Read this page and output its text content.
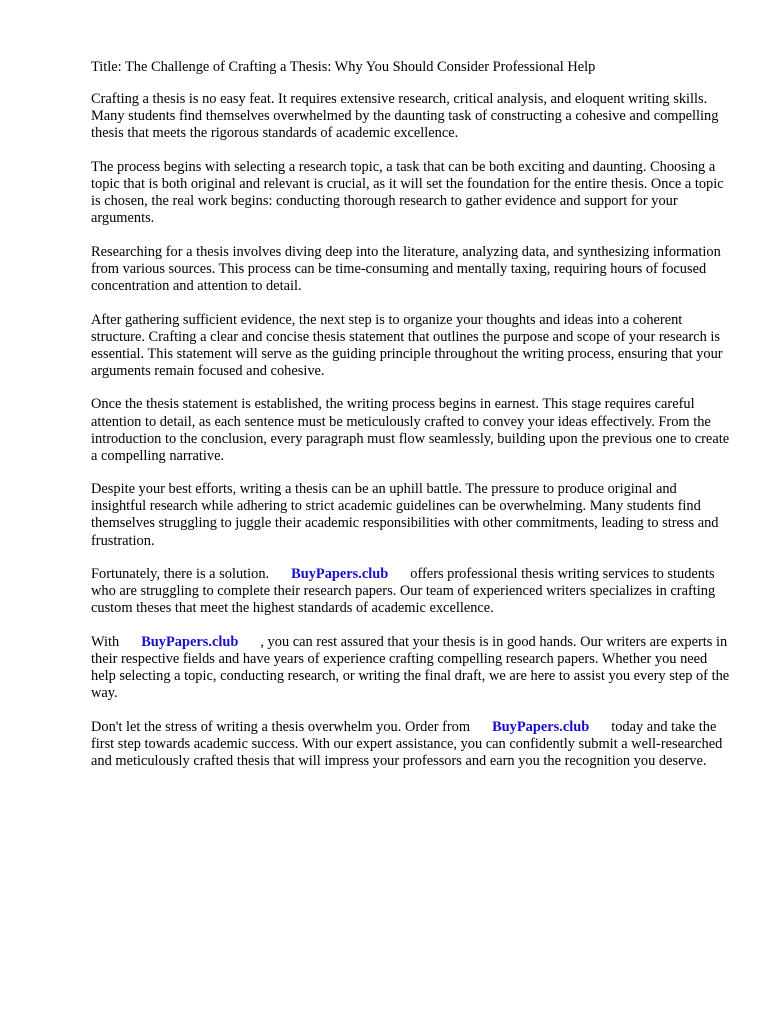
Title: The Challenge of Crafting a Thesis: Why You Should Consider Professional Help

Crafting a thesis is no easy feat. It requires extensive research, critical analysis, and eloquent writing skills. Many students find themselves overwhelmed by the daunting task of constructing a cohesive and compelling thesis that meets the rigorous standards of academic excellence.

The process begins with selecting a research topic, a task that can be both exciting and daunting. Choosing a topic that is both original and relevant is crucial, as it will set the foundation for the entire thesis. Once a topic is chosen, the real work begins: conducting thorough research to gather evidence and support for your arguments.

Researching for a thesis involves diving deep into the literature, analyzing data, and synthesizing information from various sources. This process can be time-consuming and mentally taxing, requiring hours of focused concentration and attention to detail.

After gathering sufficient evidence, the next step is to organize your thoughts and ideas into a coherent structure. Crafting a clear and concise thesis statement that outlines the purpose and scope of your research is essential. This statement will serve as the guiding principle throughout the writing process, ensuring that your arguments remain focused and cohesive.

Once the thesis statement is established, the writing process begins in earnest. This stage requires careful attention to detail, as each sentence must be meticulously crafted to convey your ideas effectively. From the introduction to the conclusion, every paragraph must flow seamlessly, building upon the previous one to create a compelling narrative.

Despite your best efforts, writing a thesis can be an uphill battle. The pressure to produce original and insightful research while adhering to strict academic guidelines can be overwhelming. Many students find themselves struggling to juggle their academic responsibilities with other commitments, leading to stress and frustration.

Fortunately, there is a solution. BuyPapers.club offers professional thesis writing services to students who are struggling to complete their research papers. Our team of experienced writers specializes in crafting custom theses that meet the highest standards of academic excellence.

With BuyPapers.club , you can rest assured that your thesis is in good hands. Our writers are experts in their respective fields and have years of experience crafting compelling research papers. Whether you need help selecting a topic, conducting research, or writing the final draft, we are here to assist you every step of the way.

Don't let the stress of writing a thesis overwhelm you. Order from BuyPapers.club today and take the first step towards academic success. With our expert assistance, you can confidently submit a well-researched and meticulously crafted thesis that will impress your professors and earn you the recognition you deserve.
